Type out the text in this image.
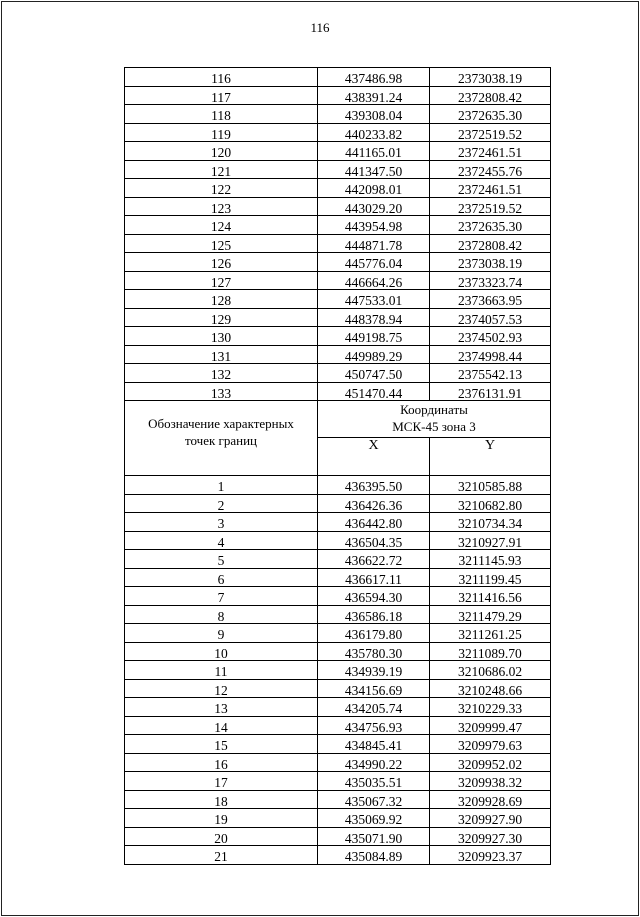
116
116	437486.98	2373038.19
117	438391.24	2372808.42
118	439308.04	2372635.30
119	440233.82	2372519.52
120	441165.01	2372461.51
121	441347.50	2372455.76
122	442098.01	2372461.51
123	443029.20	2372519.52
124	443954.98	2372635.30
125	444871.78	2372808.42
126	445776.04	2373038.19
127	446664.26	2373323.74
128	447533.01	2373663.95
129	448378.94	2374057.53
130	449198.75	2374502.93
131	449989.29	2374998.44
132	450747.50	2375542.13
133	451470.44	2376131.91
Обозначение характерных
точек границ	Координаты
МСК-45 зона 3	
	X	Y
1	436395.50	3210585.88
2	436426.36	3210682.80
3	436442.80	3210734.34
4	436504.35	3210927.91
5	436622.72	3211145.93
6	436617.11	3211199.45
7	436594.30	3211416.56
8	436586.18	3211479.29
9	436179.80	3211261.25
10	435780.30	3211089.70
11	434939.19	3210686.02
12	434156.69	3210248.66
13	434205.74	3210229.33
14	434756.93	3209999.47
15	434845.41	3209979.63
16	434990.22	3209952.02
17	435035.51	3209938.32
18	435067.32	3209928.69
19	435069.92	3209927.90
20	435071.90	3209927.30
21	435084.89	3209923.37
